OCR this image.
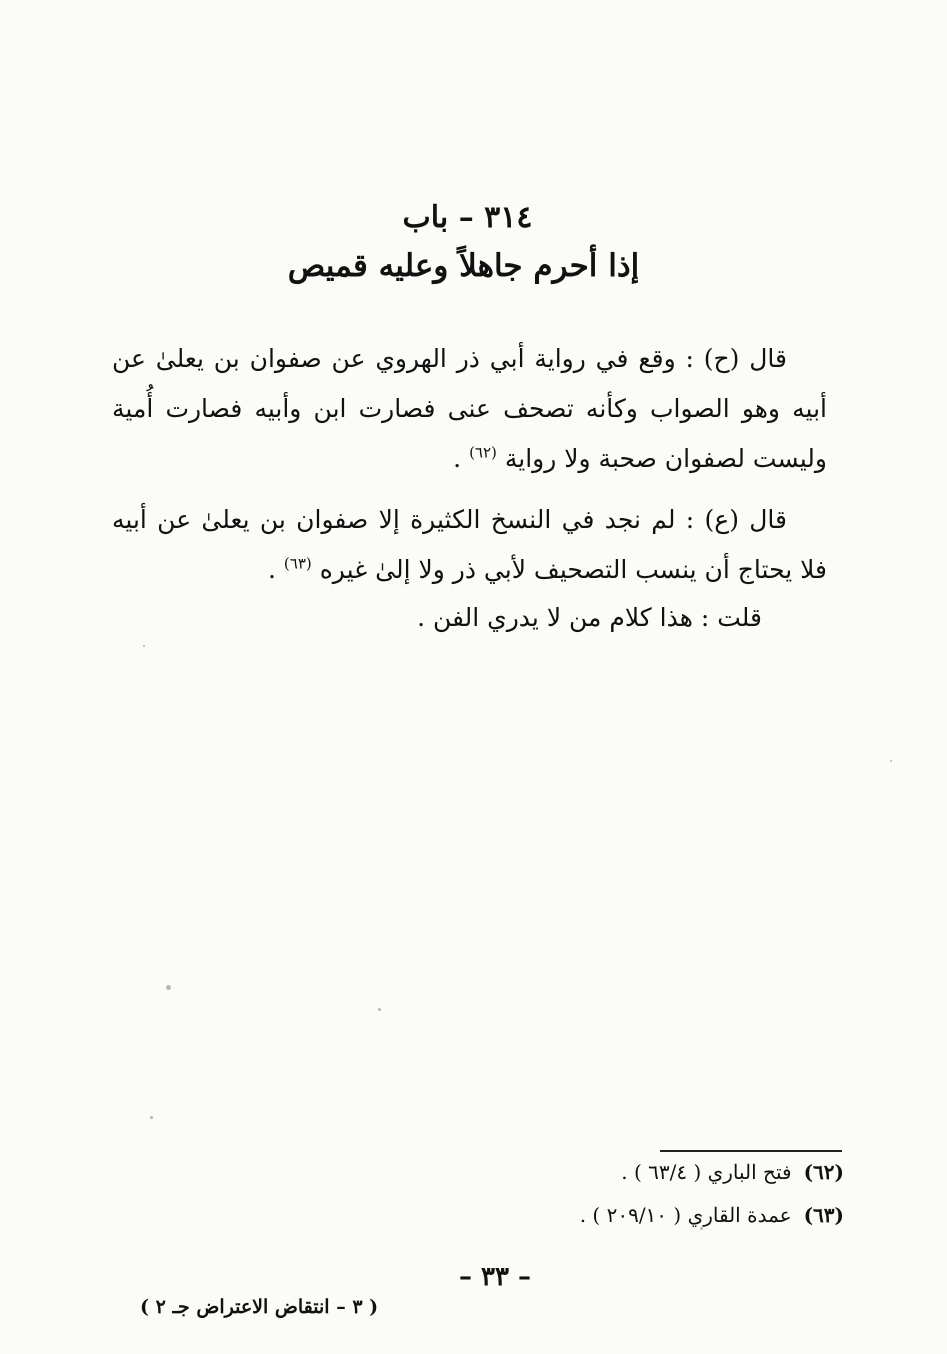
٣١٤ – باب
إذا أحرم جاهلاً وعليه قميص
قال (ح) : وقع في رواية أبي ذر الهروي عن صفوان بن يعلىٰ عن أبيه وهو الصواب وكأنه تصحف عنى فصارت ابن وأبيه فصارت أُمية وليست لصفوان صحبة ولا رواية $^{(٦٢)}$ .
قال (ع) : لم نجد في النسخ الكثيرة إلا صفوان بن يعلىٰ عن أبيه فلا يحتاج أن ينسب التصحيف لأبي ذر ولا إلىٰ غيره $^{(٦٣)}$ .
قلت : هذا كلام من لا يدري الفن .
(٦٢)فتح الباري ( ٦٣/٤ ) .
(٦٣)عمدة القاري ( ٢٠٩/١٠ ) .
– ٣٣ –
( ٣ – انتقاض الاعتراض جـ ٢ )
